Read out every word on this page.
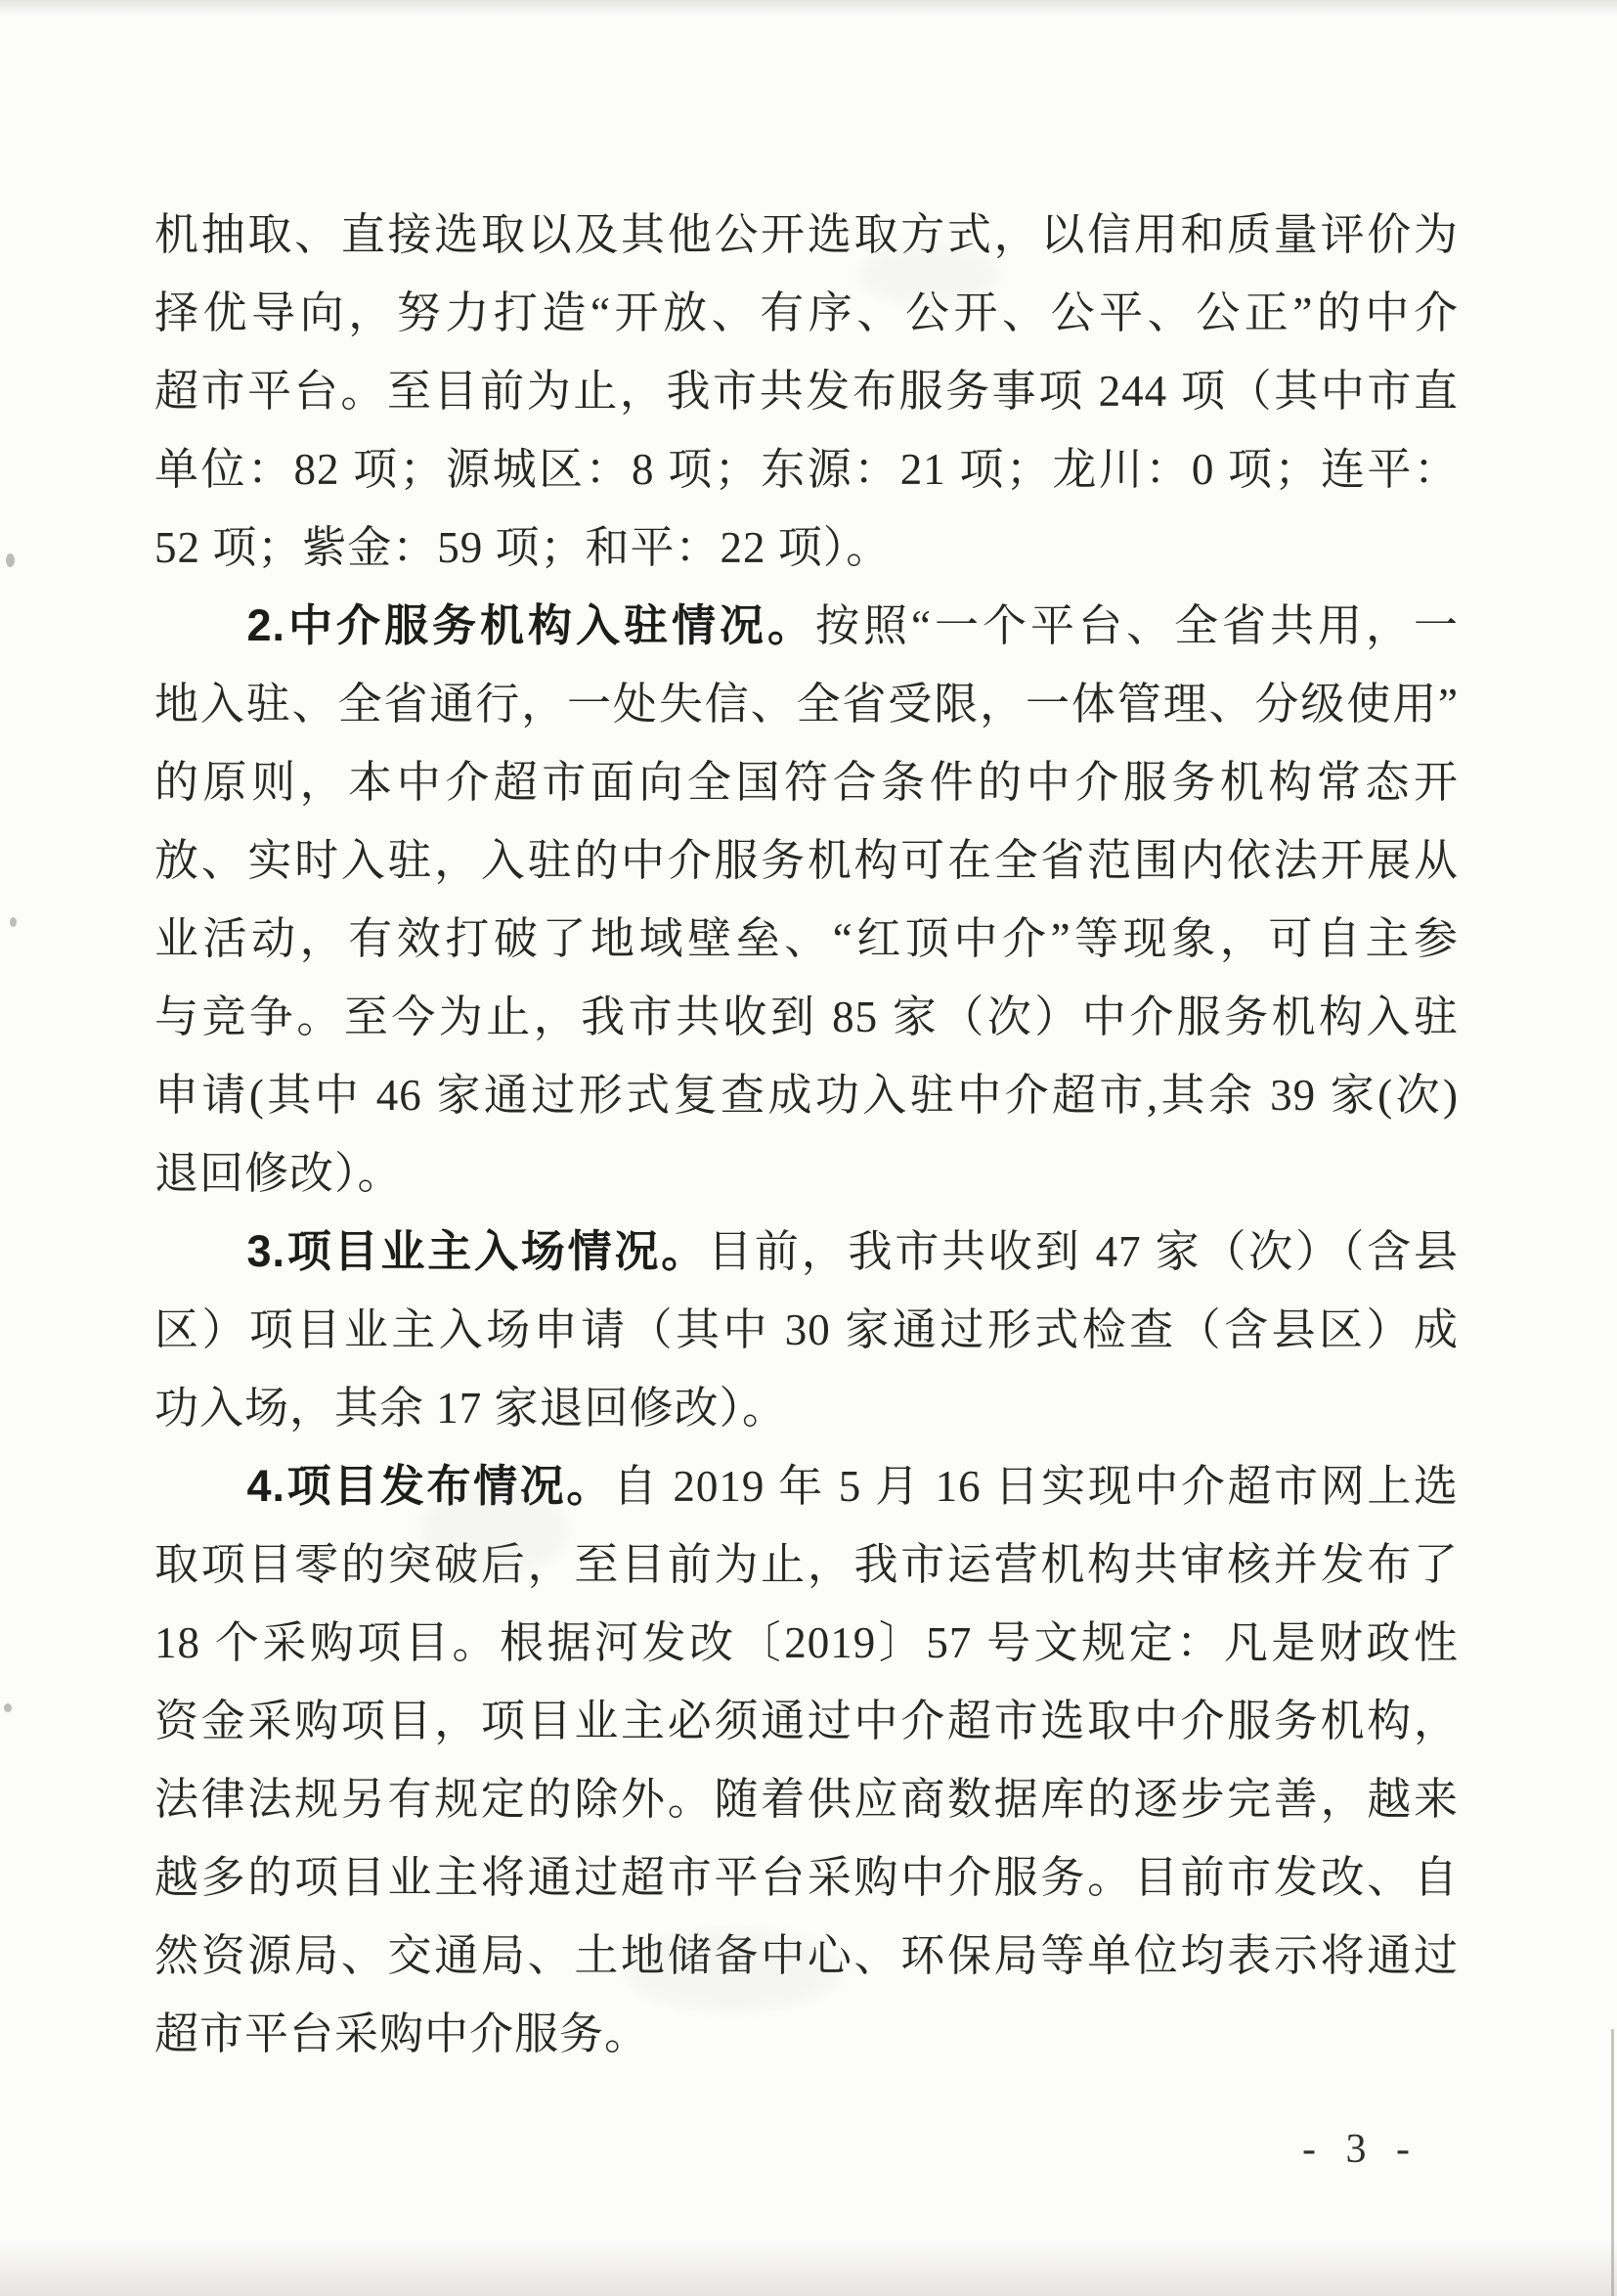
机抽取、直接选取以及其他公开选取方式，以信用和质量评价为
择优导向，努力打造“开放、有序、公开、公平、公正”的中介
超市平台。至目前为止，我市共发布服务事项 244 项（其中市直
单位：82 项；源城区：8 项；东源：21 项；龙川：0 项；连平：
52 项；紫金：59 项；和平：22 项）。
2.中介服务机构入驻情况。按照“一个平台、全省共用，一
地入驻、全省通行，一处失信、全省受限，一体管理、分级使用”
的原则，本中介超市面向全国符合条件的中介服务机构常态开
放、实时入驻，入驻的中介服务机构可在全省范围内依法开展从
业活动，有效打破了地域壁垒、“红顶中介”等现象，可自主参
与竞争。至今为止，我市共收到 85 家（次）中介服务机构入驻
申请(其中 46 家通过形式复查成功入驻中介超市,其余 39 家(次)
退回修改）。
3.项目业主入场情况。目前，我市共收到 47 家（次）（含县
区）项目业主入场申请（其中 30 家通过形式检查（含县区）成
功入场，其余 17 家退回修改）。
4.项目发布情况。自 2019 年 5 月 16 日实现中介超市网上选
取项目零的突破后，至目前为止，我市运营机构共审核并发布了
18 个采购项目。根据河发改〔2019〕57 号文规定：凡是财政性
资金采购项目，项目业主必须通过中介超市选取中介服务机构，
法律法规另有规定的除外。随着供应商数据库的逐步完善，越来
越多的项目业主将通过超市平台采购中介服务。目前市发改、自
然资源局、交通局、土地储备中心、环保局等单位均表示将通过
超市平台采购中介服务。
- 3 -
